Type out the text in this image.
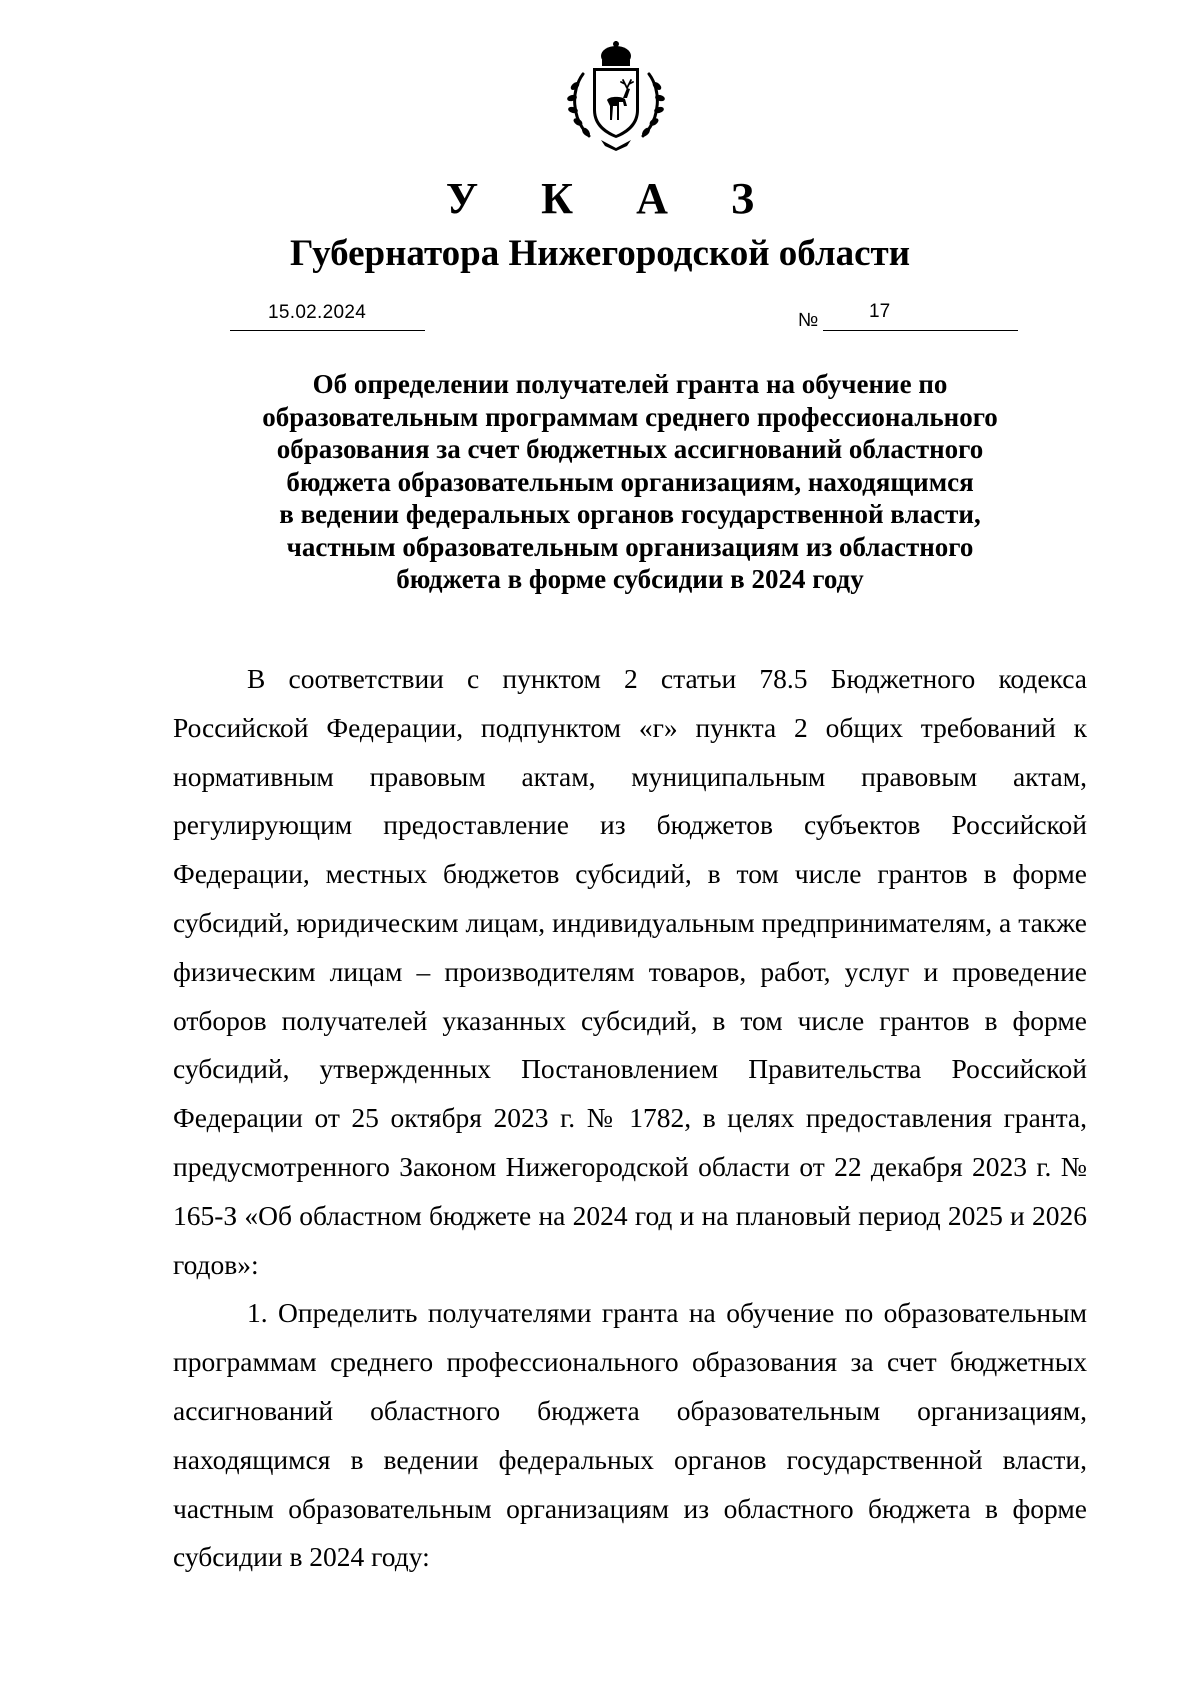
У К А З
Губернатора Нижегородской области
15.02.2024	№	17
Об определении получателей гранта на обучение по
образовательным программам среднего профессионального
образования за счет бюджетных ассигнований областного
бюджета образовательным организациям, находящимся
в ведении федеральных органов государственной власти,
частным образовательным организациям из областного
бюджета в форме субсидии в 2024 году

В соответствии с пунктом 2 статьи 78.5 Бюджетного кодекса Российской Федерации, подпунктом «г» пункта 2 общих требований к нормативным правовым актам, муниципальным правовым актам, регулирующим предоставление из бюджетов субъектов Российской Федерации, местных бюджетов субсидий, в том числе грантов в форме субсидий, юридическим лицам, индивидуальным предпринимателям, а также физическим лицам – производителям товаров, работ, услуг и проведение отборов получателей указанных субсидий, в том числе грантов в форме субсидий, утвержденных Постановлением Правительства Российской Федерации от 25 октября 2023 г. № 1782, в целях предоставления гранта, предусмотренного Законом Нижегородской области от 22 декабря 2023 г. № 165-З «Об областном бюджете на 2024 год и на плановый период 2025 и 2026 годов»:

1. Определить получателями гранта на обучение по образовательным программам среднего профессионального образования за счет бюджетных ассигнований областного бюджета образовательным организациям, находящимся в ведении федеральных органов государственной власти, частным образовательным организациям из областного бюджета в форме субсидии в 2024 году:
